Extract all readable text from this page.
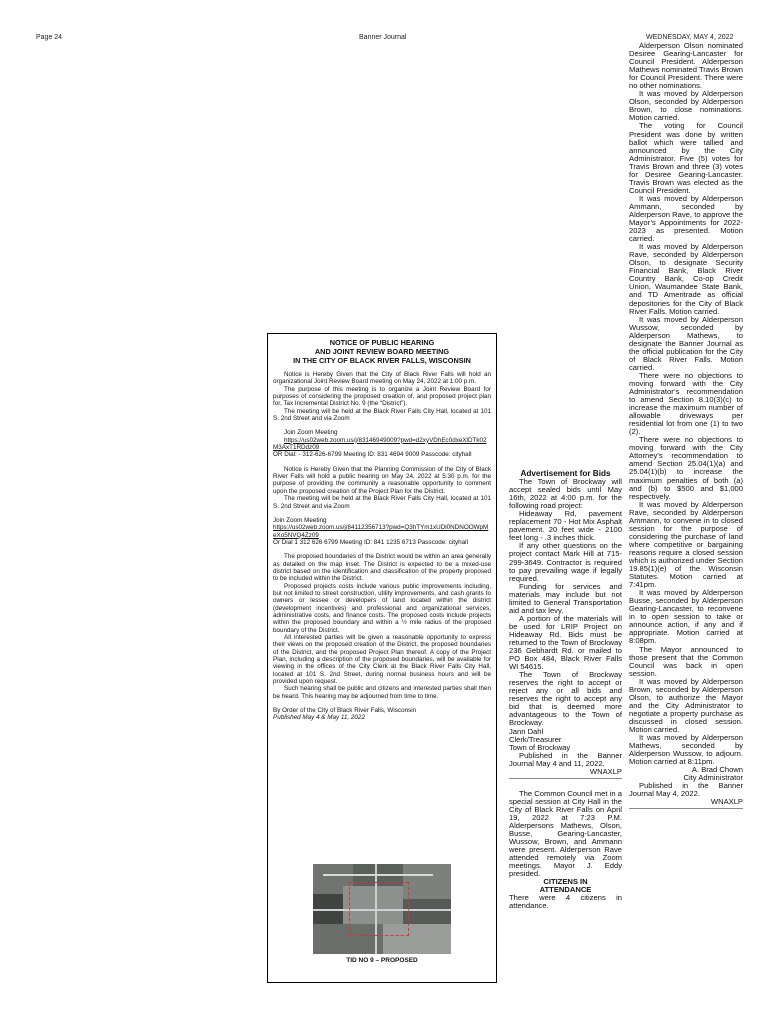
Page 24	Banner Journal	WEDNESDAY, MAY 4, 2022
NOTICE OF PUBLIC HEARING
AND JOINT REVIEW BOARD MEETING
IN THE CITY OF BLACK RIVER FALLS, WISCONSIN
Notice is Hereby Given that the City of Black River Falls will hold an organizational Joint Review Board meeting on May 24, 2022 at 1:00 p.m.
The purpose of this meeting is to organize a Joint Review Board for purposes of considering the proposed creation of, and proposed project plan for, Tax Incremental District No. 9 (the “District”).
The meeting will be held at the Black River Falls City Hall, located at 101 S. 2nd Street and via Zoom
Join Zoom Meeting
https://us02web.zoom.us/j/83146949009?pwd=d2xyVDhEc0dxeXlDTk02M3AxT1RDdz09
OR Dial: - 312-626-6799 Meeting ID: 831 4694 9009 Passcode: cityhall
Notice is Hereby Given that the Planning Commission of the City of Black River Falls will hold a public hearing on May 24, 2022 at 5:30 p.m. for the purpose of providing the community a reasonable opportunity to comment upon the proposed creation of the Project Plan for the District.
The meeting will be held at the Black River Falls City Hall, located at 101 S. 2nd Street and via Zoom
Join Zoom Meeting
https://us02web.zoom.us/j/84112356713?pwd=Q3hTYm1xUDl0NDNOOWpMeXo5NVQ4Zz09
Or Dial 1 312 626 6799 Meeting ID: 841 1235 6713 Passcode: cityhall
The proposed boundaries of the District would be within an area generally as detailed on the map inset. The District is expected to be a mixed-use district based on the identification and classification of the property proposed to be included within the District.
Proposed projects costs include various public improvements including, but not limited to street construction, utility improvements, and cash grants to owners or lessee or developers of land located within the district (development incentives) and professional and organizational services, administrative costs, and finance costs. The proposed costs include projects within the proposed boundary and within a ½ mile radius of the proposed boundary of the District.
All interested parties will be given a reasonable opportunity to express their views on the proposed creation of the District, the proposed boundaries of the District, and the proposed Project Plan thereof. A copy of the Project Plan, including a description of the proposed boundaries, will be available for viewing in the offices of the City Clerk at the Black River Falls City Hall, located at 101 S. 2nd Street, during normal business hours and will be provided upon request.
Such hearing shall be public and citizens and interested parties shall then be heard. This hearing may be adjourned from time to time.
By Order of the City of Black River Falls, Wisconsin
Published May 4 & May 11, 2022
TID NO 9 – PROPOSED
Advertisement for Bids
The Town of Brockway will accept sealed bids until May 16th, 2022 at 4:00 p.m. for the following road project:
Hideaway Rd, pavement replacement 70 - Hot Mix Asphalt pavement. 20 feet wide - 2100 feet long - .3 inches thick.
If any other questions on the project contact Mark Hill at 715-299-3649. Contractor is required to pay prevailing wage if legally required.
Funding for services and materials may include but not limited to General Transportation aid and tax levy.
A portion of the materials will be used for LRIP Project on Hideaway Rd. Bids must be returned to the Town of Brockway 236 Gebhardt Rd. or mailed to PO Box 484, Black River Falls WI 54615.
The Town of Brockway reserves the right to accept or reject any or all bids and reserves the right to accept any bid that is deemed more advantageous to the Town of Brockway.
Jann Dahl
Clerk/Treasurer
Town of Brockway
Published in the Banner Journal May 4 and 11, 2022.
WNAXLP
The Common Council met in a special session at City Hall in the City of Black River Falls on April 19, 2022 at 7:23 P.M. Alderpersons Mathews, Olson, Busse, Gearing-Lancaster, Wussow, Brown, and Ammann were present. Alderperson Rave attended remotely via Zoom meetings. Mayor J. Eddy presided.
CITIZENS IN
ATTENDANCE
There were 4 citizens in attendance.
Alderperson Olson nominated Desiree Gearing-Lancaster for Council President. Alderperson Mathews nominated Travis Brown for Council President. There were no other nominations.
It was moved by Alderperson Olson, seconded by Alderperson Brown, to close nominations. Motion carried.
The voting for Council President was done by written ballot which were tallied and announced by the City Administrator. Five (5) votes for Travis Brown and three (3) votes for Desiree Gearing-Lancaster. Travis Brown was elected as the Council President.
It was moved by Alderperson Ammann, seconded by Alderperson Rave, to approve the Mayor’s Appointments for 2022-2023 as presented. Motion carried.
It was moved by Alderperson Rave, seconded by Alderperson Olson, to designate Security Financial Bank, Black River Country Bank, Co-op Credit Union, Waumandee State Bank, and TD Ameritrade as official depositories for the City of Black River Falls. Motion carried.
It was moved by Alderperson Wussow, seconded by Alderperson Mathews, to designate the Banner Journal as the official publication for the City of Black River Falls. Motion carried.
There were no objections to moving forward with the City Administrator’s recommendation to amend Section 8.10(3)(c) to increase the maximum number of allowable driveways per residential lot from one (1) to two (2).
There were no objections to moving forward with the City Attorney’s recommendation to amend Section 25.04(1)(a) and 25.04(1)(b) to increase the maximum penalties of both (a) and (b) to $500 and $1,000 respectively.
It was moved by Alderperson Rave, seconded by Alderperson Ammann, to convene in to closed session for the purpose of considering the purchase of land where competitive or bargaining reasons require a closed session which is authorized under Section 19.85(1)(e) of the Wisconsin Statutes. Motion carried at 7:41pm.
It was moved by Alderperson Busse, seconded by Alderperson Gearing-Lancaster, to reconvene in to open session to take or announce action, if any and if appropriate. Motion carried at 8:08pm.
The Mayor announced to those present that the Common Council was back in open session.
It was moved by Alderperson Brown, seconded by Alderperson Olson, to authorize the Mayor and the City Administrator to negotiate a property purchase as discussed in closed session. Motion carried.
It was moved by Alderperson Mathews, seconded by Alderperson Wussow, to adjourn. Motion carried at 8:11pm.
A. Brad Chown
City Administrator
Published in the Banner Journal May 4, 2022.
WNAXLP
